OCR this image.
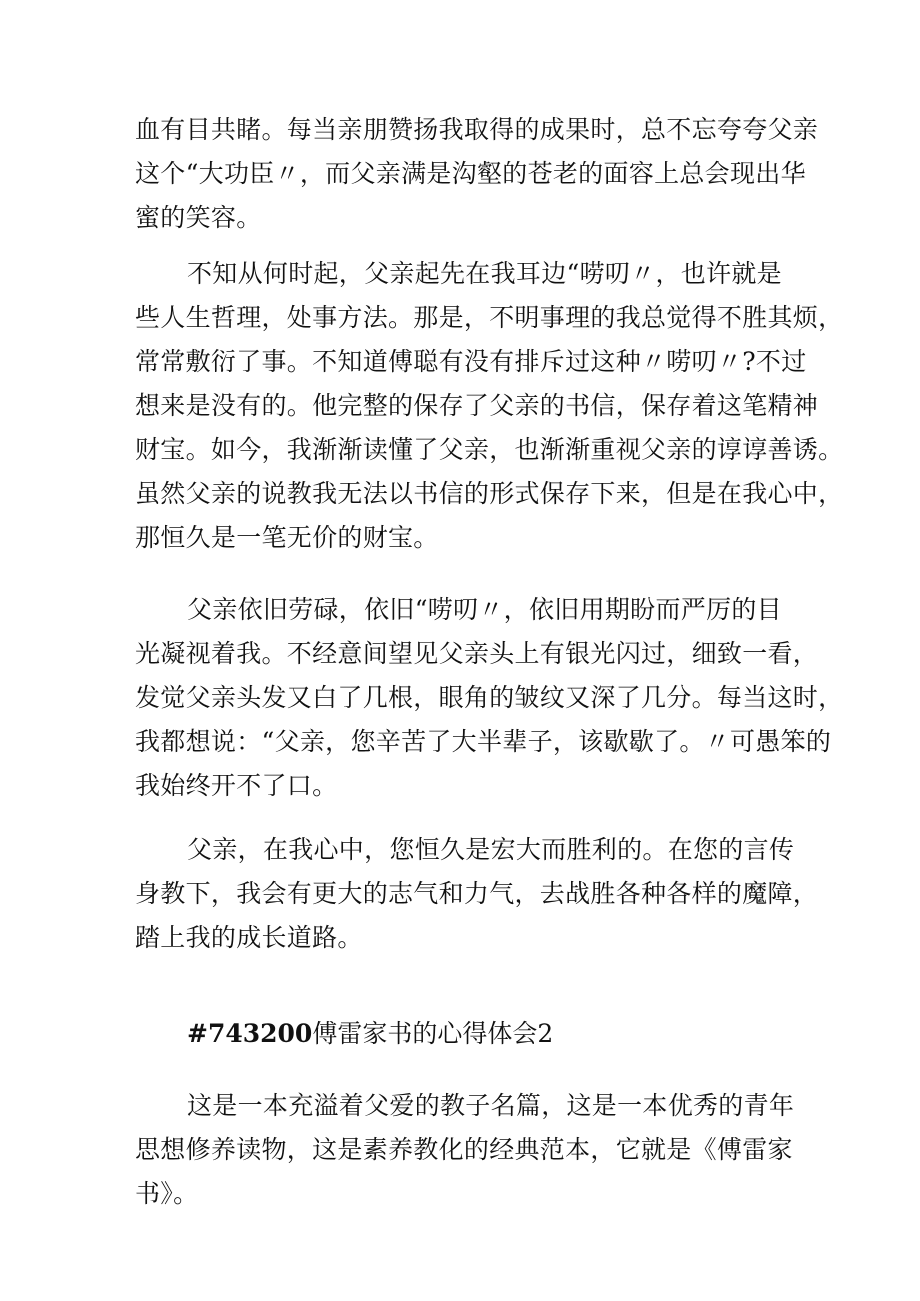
血有目共睹。每当亲朋赞扬我取得的成果时，总不忘夸夸父亲
这个“大功臣〃，而父亲满是沟壑的苍老的面容上总会现出华
蜜的笑容。

不知从何时起，父亲起先在我耳边“唠叨〃，也许就是
些人生哲理，处事方法。那是，不明事理的我总觉得不胜其烦，
常常敷衍了事。不知道傅聪有没有排斥过这种〃唠叨〃?不过
想来是没有的。他完整的保存了父亲的书信，保存着这笔精神
财宝。如今，我渐渐读懂了父亲，也渐渐重视父亲的谆谆善诱。
虽然父亲的说教我无法以书信的形式保存下来，但是在我心中，
那恒久是一笔无价的财宝。

父亲依旧劳碌，依旧“唠叨〃，依旧用期盼而严厉的目
光凝视着我。不经意间望见父亲头上有银光闪过，细致一看，
发觉父亲头发又白了几根，眼角的皱纹又深了几分。每当这时，
我都想说：“父亲，您辛苦了大半辈子，该歇歇了。〃可愚笨的
我始终开不了口。

父亲，在我心中，您恒久是宏大而胜利的。在您的言传
身教下，我会有更大的志气和力气，去战胜各种各样的魔障，
踏上我的成长道路。

#743200傅雷家书的心得体会2

这是一本充溢着父爱的教子名篇，这是一本优秀的青年
思想修养读物，这是素养教化的经典范本，它就是《傅雷家
书》。
